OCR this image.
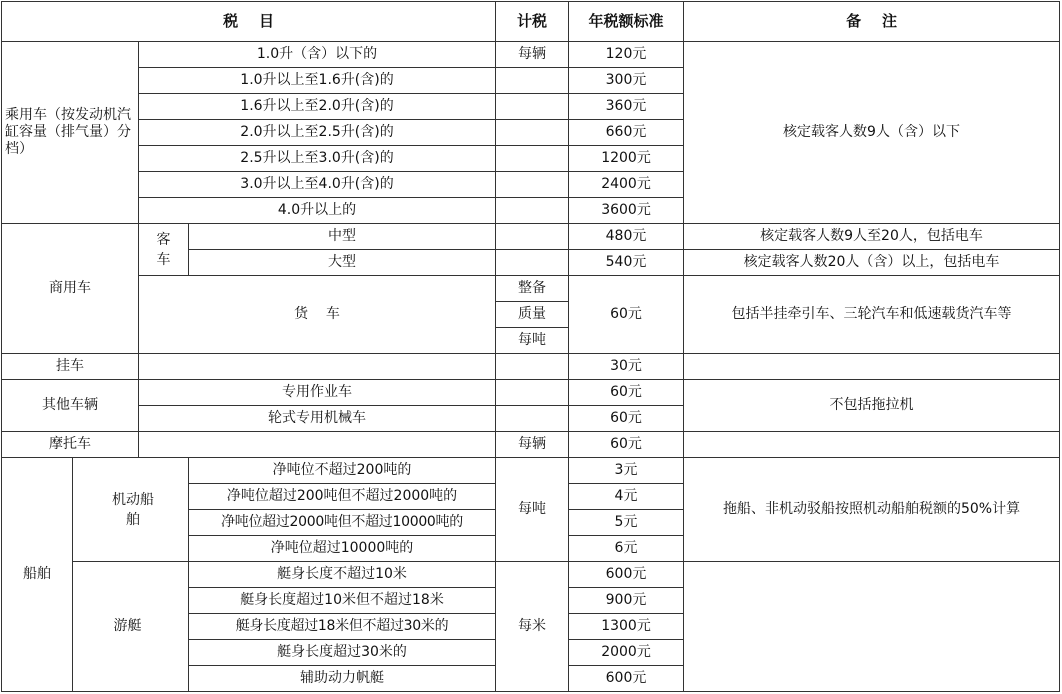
税    目				计税	年税额标准	备    注
乘用车（按发动机汽缸容量（排气量）分档）		1.0升（含）以下的		每辆	120元	核定载客人数9人（含）以下
		1.0升以上至1.6升(含)的			300元	
		1.6升以上至2.0升(含)的			360元	
		2.0升以上至2.5升(含)的			660元	
		2.5升以上至3.0升(含)的			1200元	
		3.0升以上至4.0升(含)的			2400元	
		4.0升以上的			3600元	
商用车		客车	中型		480元	核定载客人数9人至20人，包括电车
			大型		540元	核定载客人数20人（含）以上，包括电车
		货    车		整备	60元	包括半挂牵引车、三轮汽车和低速载货汽车等
				质量		
				每吨		
挂车					30元	
其他车辆		专用作业车			60元	不包括拖拉机
		轮式专用机械车			60元	
摩托车				每辆	60元	
船舶	机动船舶		净吨位不超过200吨的	每吨	3元	拖船、非机动驳船按照机动船舶税额的50%计算
			净吨位超过200吨但不超过2000吨的		4元	
			净吨位超过2000吨但不超过10000吨的		5元	
			净吨位超过10000吨的		6元	
	游艇		艇身长度不超过10米	每米	600元	
			艇身长度超过10米但不超过18米		900元	
			艇身长度超过18米但不超过30米的		1300元	
			艇身长度超过30米的		2000元	
			辅助动力帆艇		600元	
